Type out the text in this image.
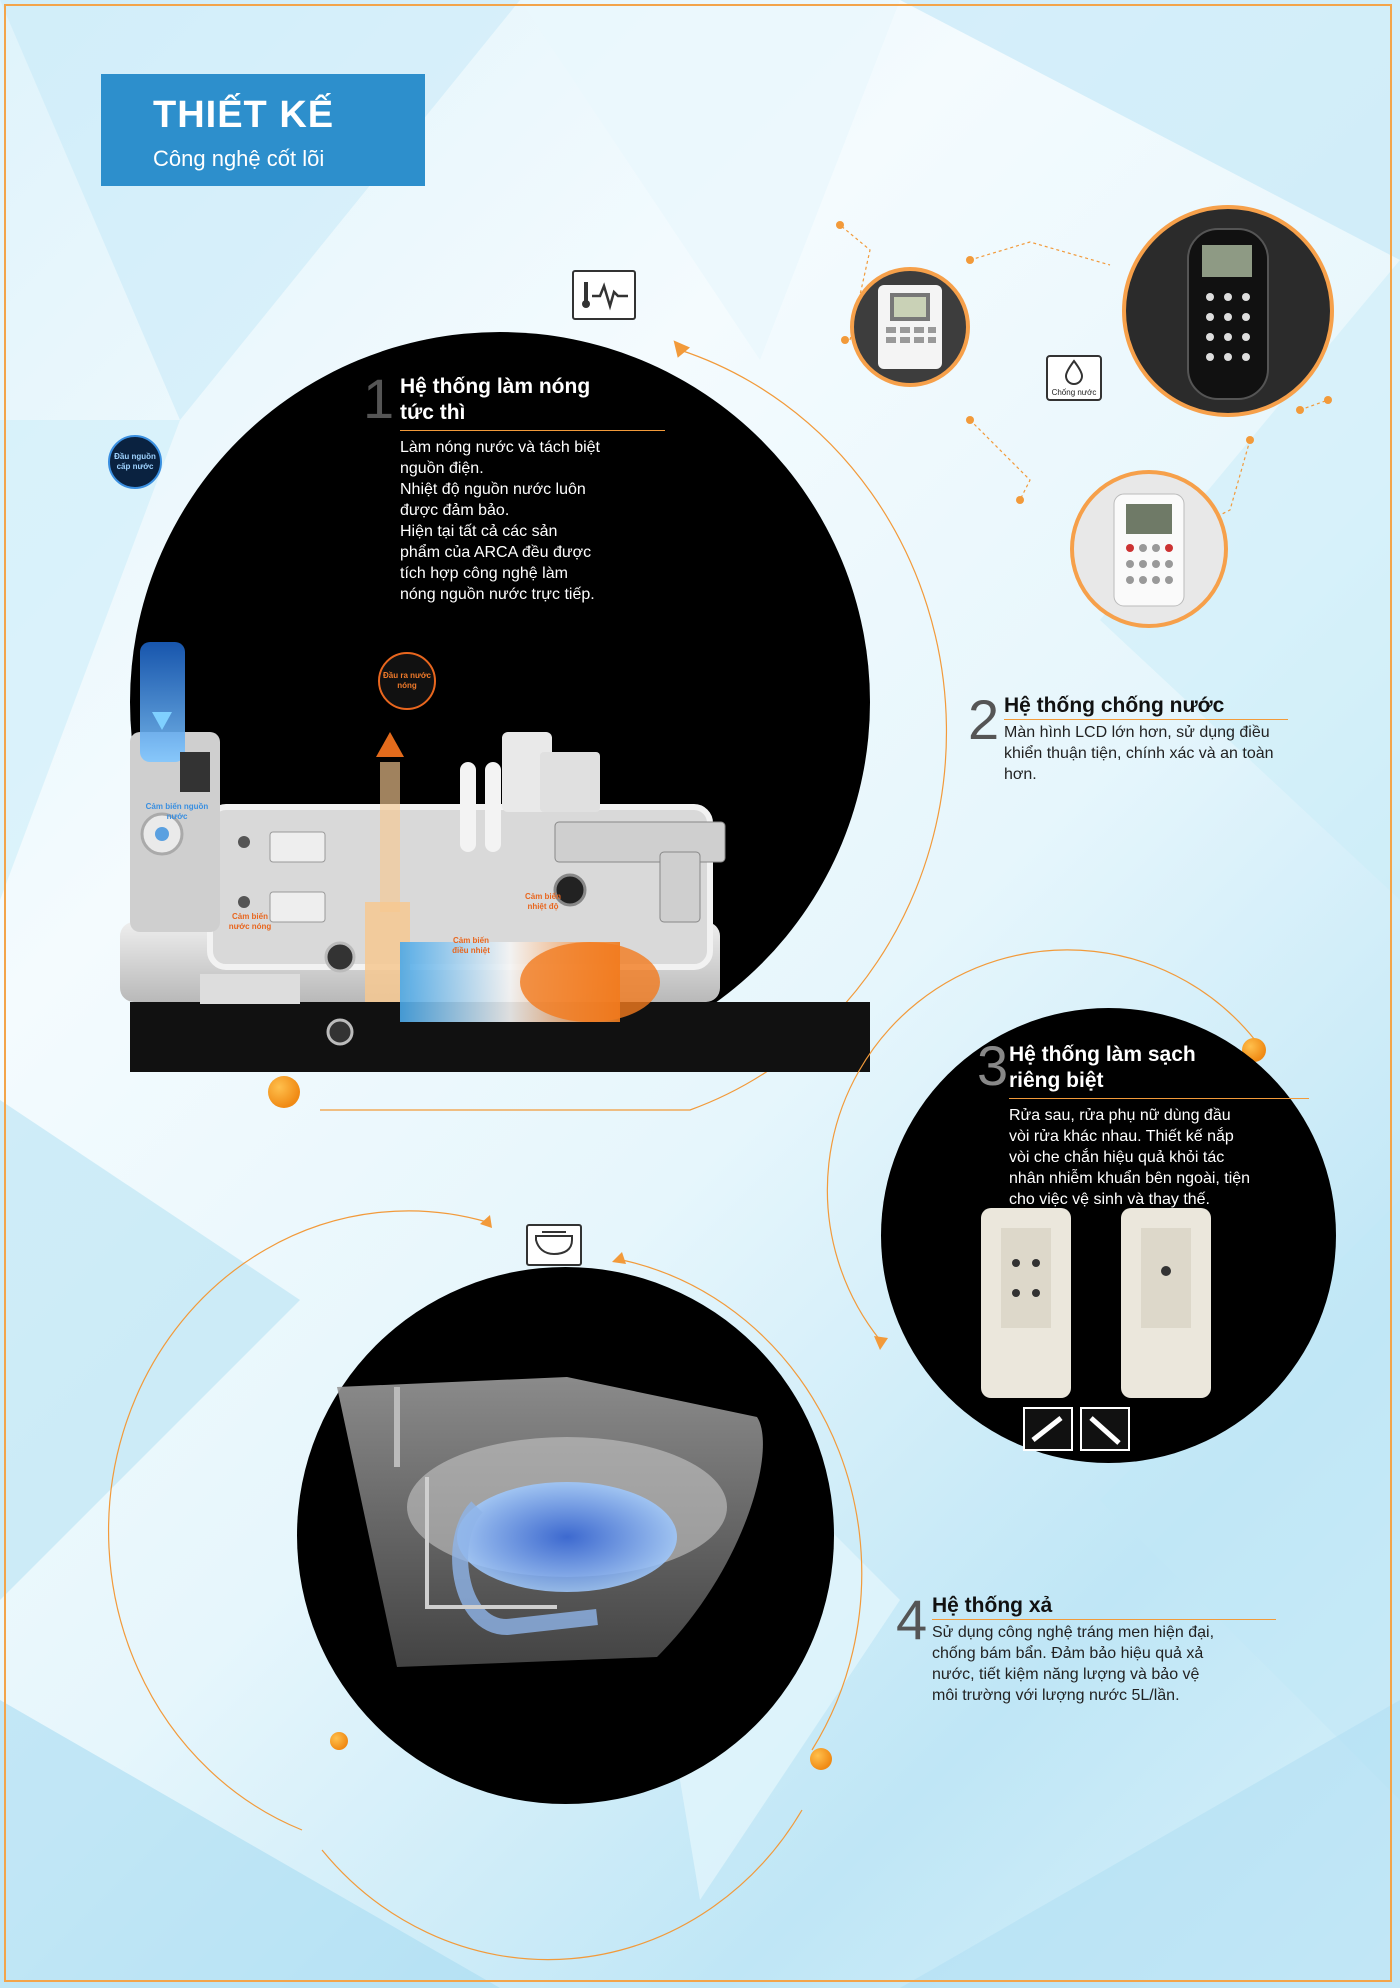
THIẾT KẾ
Công nghệ cốt lõi
1 Hệ thống làm nóng
tức thì
Làm nóng nước và tách biệt
nguồn điện.
Nhiệt độ nguồn nước luôn
được đảm bảo.
Hiện tại tất cả các sản
phẩm của ARCA đều được
tích hợp công nghệ làm
nóng nguồn nước trực tiếp.
Đầu nguồn cấp nước
Đầu ra nước nóng
Cảm biến nguồn nước
Cảm biến nước nóng
Cảm biến nhiệt độ
Cảm biến điều nhiệt
Chống nước
2 Hệ thống chống nước
Màn hình LCD lớn hơn, sử dụng điều
khiển thuận tiện, chính xác và an toàn
hơn.
3 Hệ thống làm sạch
riêng biệt
Rửa sau, rửa phụ nữ dùng đầu
vòi rửa khác nhau. Thiết kế nắp
vòi che chắn hiệu quả khỏi tác
nhân nhiễm khuẩn bên ngoài, tiện
cho việc vệ sinh và thay thế.
4 Hệ thống xả
Sử dụng công nghệ tráng men hiện đại,
chống bám bẩn. Đảm bảo hiệu quả xả
nước, tiết kiệm năng lượng và bảo vệ
môi trường với lượng nước 5L/lần.
